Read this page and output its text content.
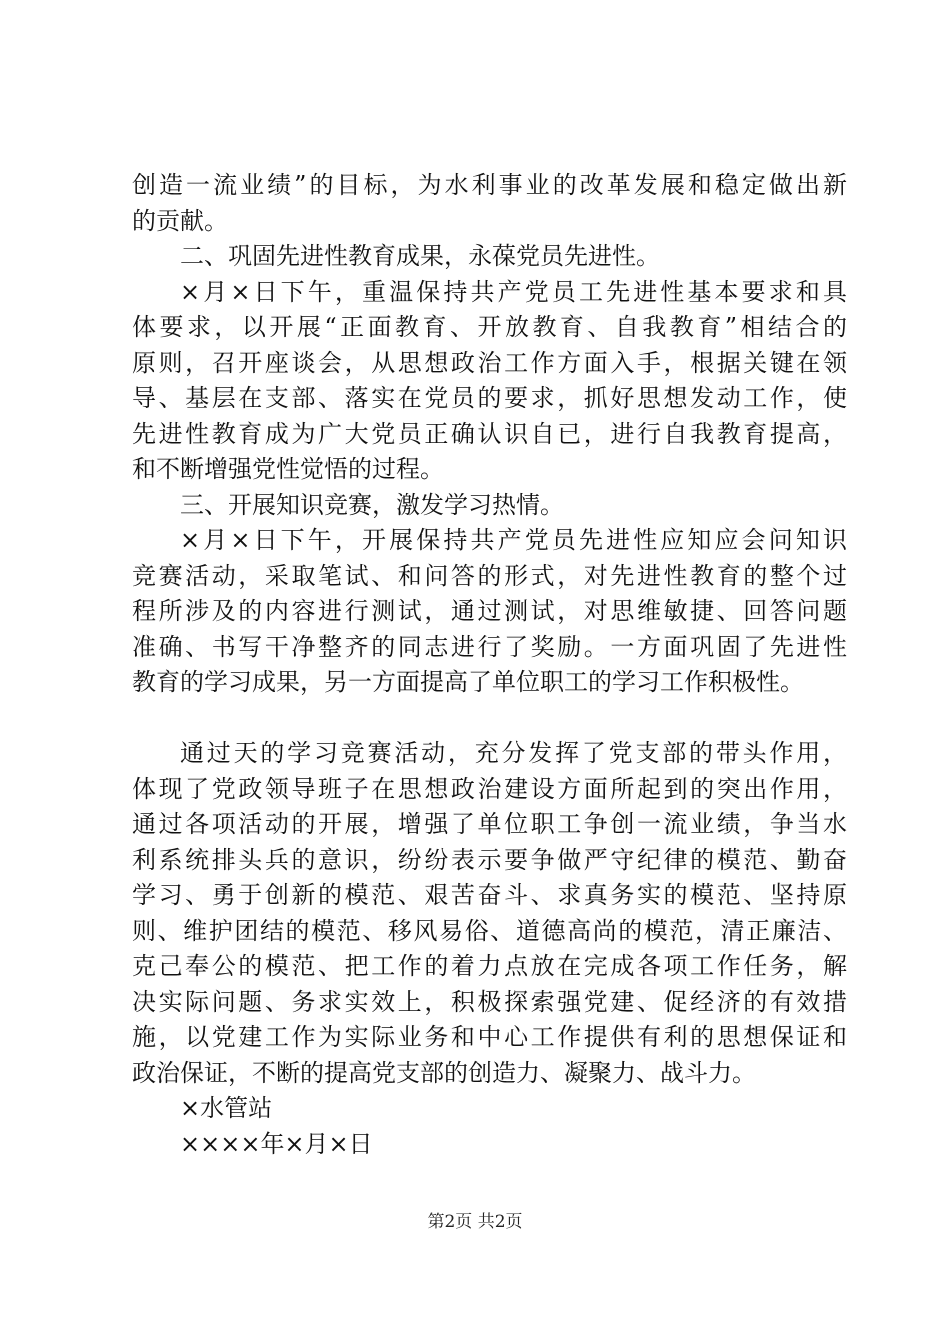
创造一流业绩”的目标，为水利事业的改革发展和稳定做出新
的贡献。
二、巩固先进性教育成果，永葆党员先进性。
×月×日下午，重温保持共产党员工先进性基本要求和具
体要求，以开展“正面教育、开放教育、自我教育”相结合的
原则，召开座谈会，从思想政治工作方面入手，根据关键在领
导、基层在支部、落实在党员的要求，抓好思想发动工作，使
先进性教育成为广大党员正确认识自已，进行自我教育提高，
和不断增强党性觉悟的过程。
三、开展知识竞赛，激发学习热情。
×月×日下午，开展保持共产党员先进性应知应会问知识
竞赛活动，采取笔试、和问答的形式，对先进性教育的整个过
程所涉及的内容进行测试，通过测试，对思维敏捷、回答问题
准确、书写干净整齐的同志进行了奖励。一方面巩固了先进性
教育的学习成果，另一方面提高了单位职工的学习工作积极性。
通过天的学习竞赛活动，充分发挥了党支部的带头作用，
体现了党政领导班子在思想政治建设方面所起到的突出作用，
通过各项活动的开展，增强了单位职工争创一流业绩，争当水
利系统排头兵的意识，纷纷表示要争做严守纪律的模范、勤奋
学习、勇于创新的模范、艰苦奋斗、求真务实的模范、坚持原
则、维护团结的模范、移风易俗、道德高尚的模范，清正廉洁、
克己奉公的模范、把工作的着力点放在完成各项工作任务，解
决实际问题、务求实效上，积极探索强党建、促经济的有效措
施，以党建工作为实际业务和中心工作提供有利的思想保证和
政治保证，不断的提高党支部的创造力、凝聚力、战斗力。
×水管站
××××年×月×日
第2页 共2页
